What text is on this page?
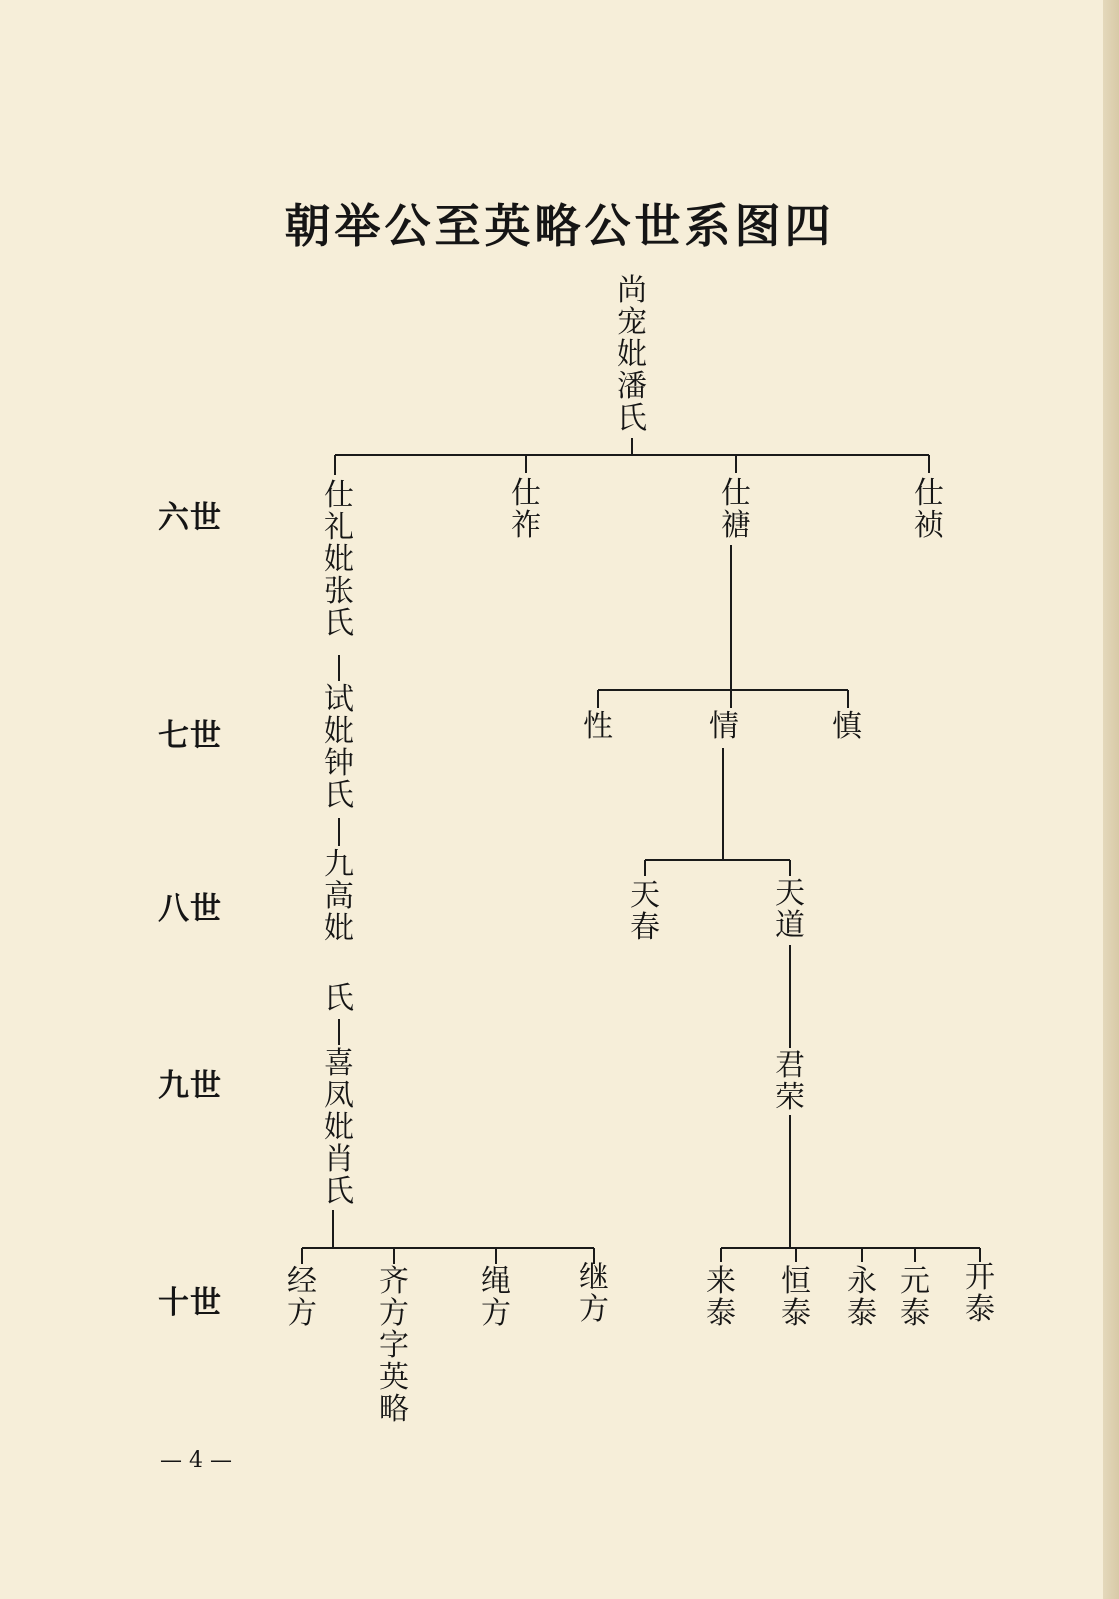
朝举公至英略公世系图四
六世
七世
八世
九世
十世
尚宠妣潘氏
仕礼妣张氏
仕祚
仕禟
仕祯
试妣钟氏
九高妣
氏
喜凤妣肖氏
性	情	慎
天春
天道
君荣
经方
齐方字英略
绳方
继方
来泰
恒泰
永泰
元泰
开泰
— 4 —
